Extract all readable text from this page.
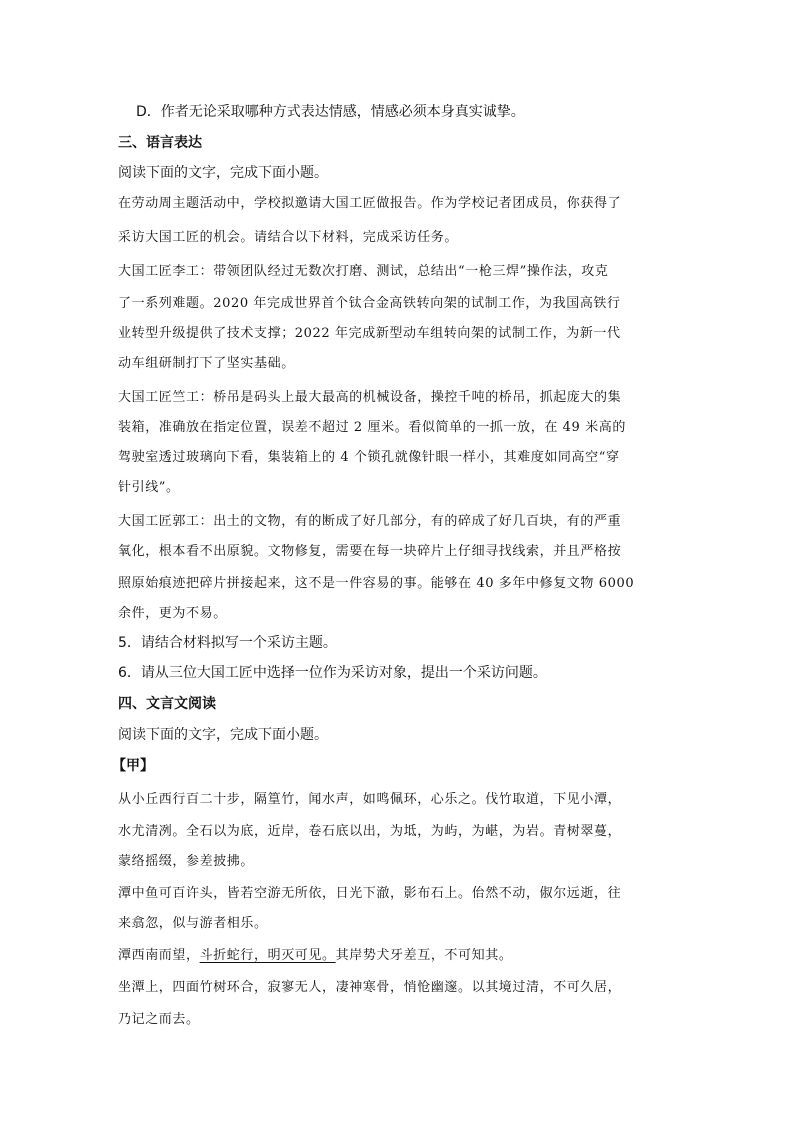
D．作者无论采取哪种方式表达情感，情感必须本身真实诚挚。
三、语言表达
阅读下面的文字，完成下面小题。
在劳动周主题活动中，学校拟邀请大国工匠做报告。作为学校记者团成员，你获得了
采访大国工匠的机会。请结合以下材料，完成采访任务。
大国工匠李工：带领团队经过无数次打磨、测试，总结出“一枪三焊”操作法，攻克
了一系列难题。2020 年完成世界首个钛合金高铁转向架的试制工作，为我国高铁行
业转型升级提供了技术支撑；2022 年完成新型动车组转向架的试制工作，为新一代
动车组研制打下了坚实基础。
大国工匠竺工：桥吊是码头上最大最高的机械设备，操控千吨的桥吊，抓起庞大的集
装箱，准确放在指定位置，误差不超过 2 厘米。看似简单的一抓一放，在 49 米高的
驾驶室透过玻璃向下看，集装箱上的 4 个锁孔就像针眼一样小，其难度如同高空“穿
针引线”。
大国工匠郭工：出土的文物，有的断成了好几部分，有的碎成了好几百块，有的严重
氧化，根本看不出原貌。文物修复，需要在每一块碎片上仔细寻找线索，并且严格按
照原始痕迹把碎片拼接起来，这不是一件容易的事。能够在 40 多年中修复文物 6000
余件，更为不易。
5．请结合材料拟写一个采访主题。
6．请从三位大国工匠中选择一位作为采访对象，提出一个采访问题。
四、文言文阅读
阅读下面的文字，完成下面小题。
【甲】
从小丘西行百二十步，隔篁竹，闻水声，如鸣佩环，心乐之。伐竹取道，下见小潭，
水尤清冽。全石以为底，近岸，卷石底以出，为坻，为屿，为嵁，为岩。青树翠蔓，
蒙络摇缀，参差披拂。
潭中鱼可百许头，皆若空游无所依，日光下澈，影布石上。佁然不动，俶尔远逝，往
来翕忽，似与游者相乐。
潭西南而望，斗折蛇行，明灭可见。其岸势犬牙差互，不可知其。
坐潭上，四面竹树环合，寂寥无人，凄神寒骨，悄怆幽邃。以其境过清，不可久居，
乃记之而去。
